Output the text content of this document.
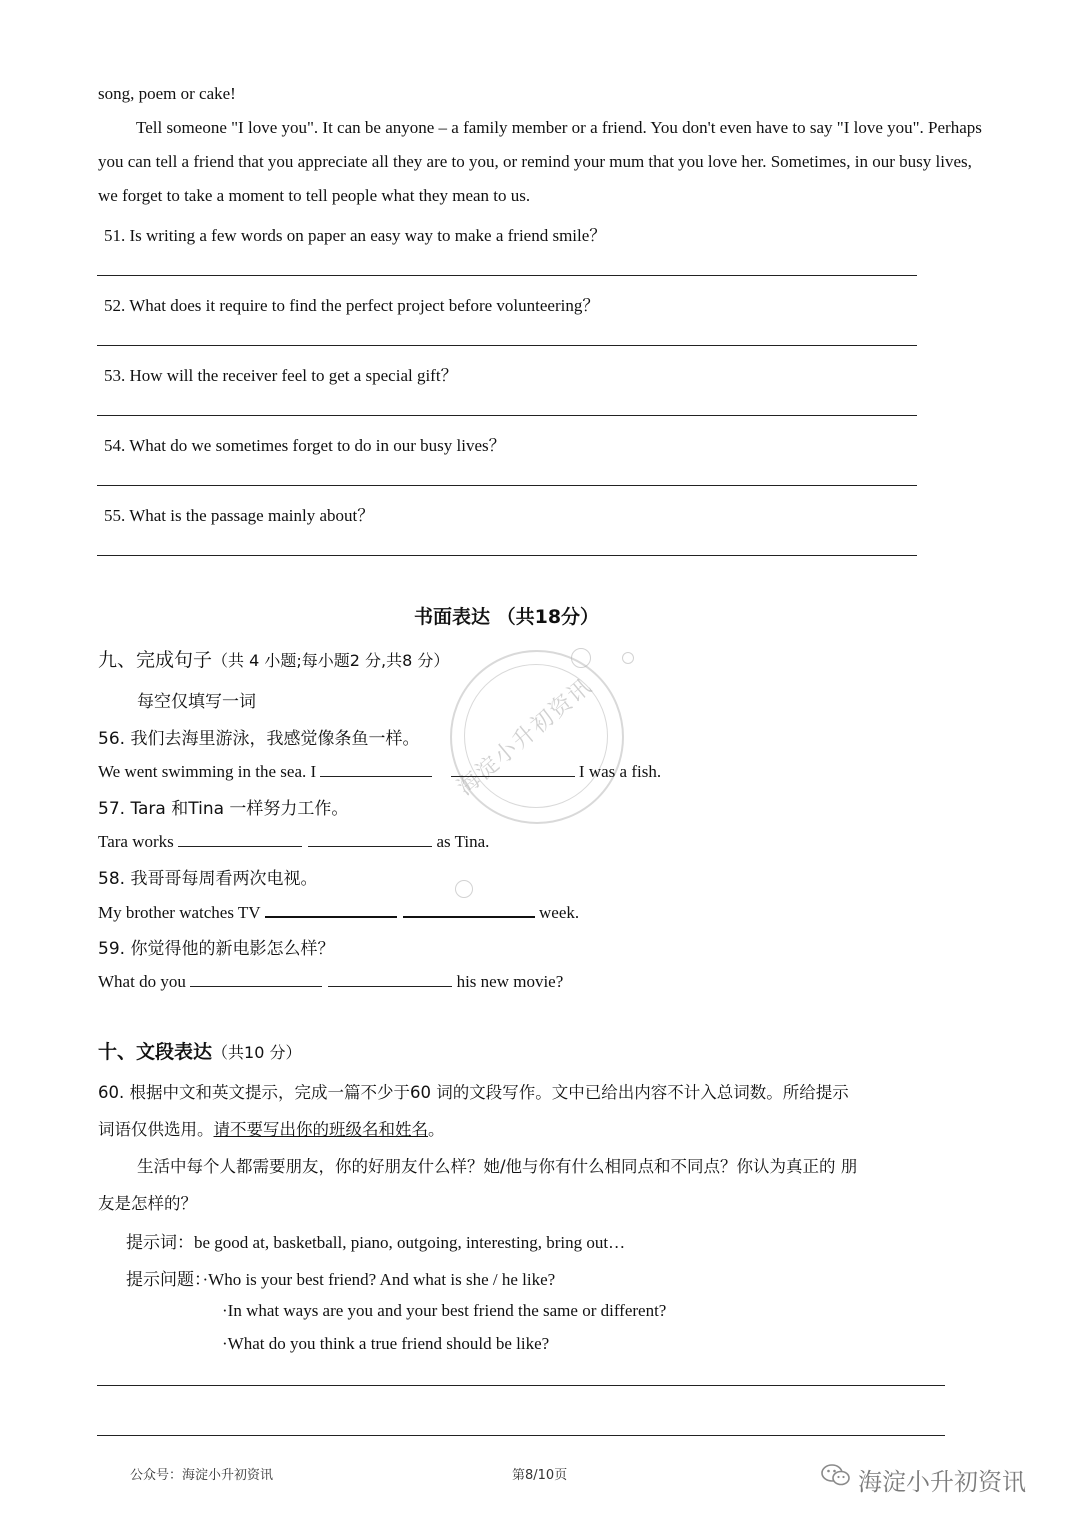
song, poem or cake!
Tell someone "I love you". It can be anyone – a family member or a friend. You don't even have to say "I love you". Perhaps you can tell a friend that you appreciate all they are to you, or remind your mum that you love her. Sometimes, in our busy lives, we forget to take a moment to tell people what they mean to us.
51. Is writing a few words on paper an easy way to make a friend smile？
52. What does it require to find the perfect project before volunteering？
53. How will the receiver feel to get a special gift？
54. What do we sometimes forget to do in our busy lives？
55. What is the passage mainly about？
书面表达 （共18分）
海淀小升初资讯
九、完成句子（共 4 小题;每小题2 分,共8 分）
每空仅填写一词
56. 我们去海里游泳，我感觉像条鱼一样。
We went swimming in the sea. I	I was a fish.
57. Tara 和Tina 一样努力工作。
Tara works	as Tina.
58. 我哥哥每周看两次电视。
My brother watches TV	week.
59. 你觉得他的新电影怎么样？
What do you	his new movie?
十、文段表达（共10 分）
60. 根据中文和英文提示，完成一篇不少于60 词的文段写作。文中已给出内容不计入总词数。所给提示
词语仅供选用。请不要写出你的班级名和姓名。
生活中每个人都需要朋友，你的好朋友什么样？她/他与你有什么相同点和不同点？你认为真正的 朋
友是怎样的？
提示词：be good at, basketball, piano, outgoing, interesting, bring out…
提示问题：·Who is your best friend? And what is she / he like?
·In what ways are you and your best friend the same or different?
·What do you think a true friend should be like?
公众号：海淀小升初资讯	第8/10页	海淀小升初资讯
